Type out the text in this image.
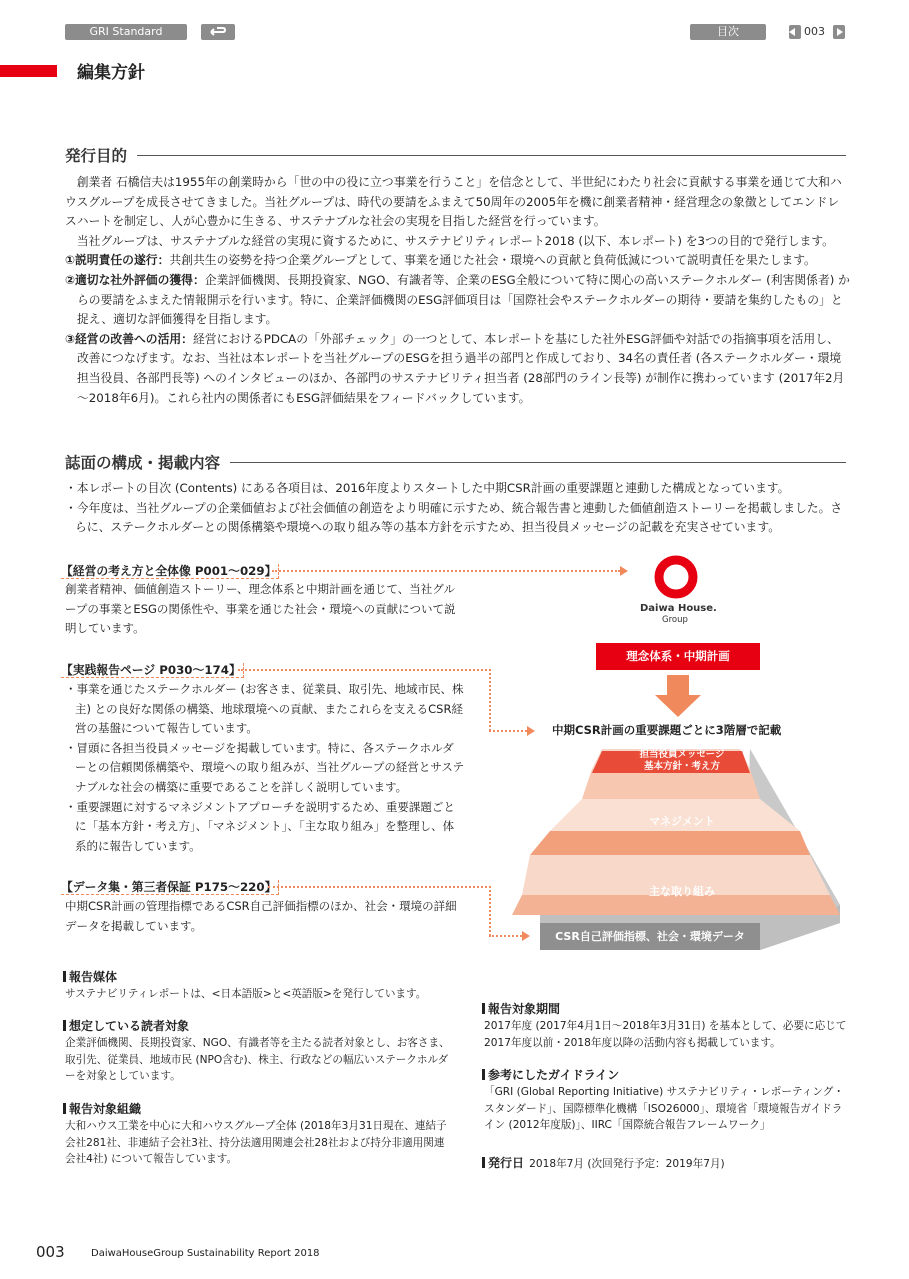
GRI Standard	目次	003
編集方針
発行目的

　創業者 石橋信夫は1955年の創業時から「世の中の役に立つ事業を行うこと」を信念として、半世紀にわたり社会に貢献する事業を通じて大和ハウスグループを成長させてきました。当社グループは、時代の要請をふまえて50周年の2005年を機に創業者精神・経営理念の象徴としてエンドレスハートを制定し、人が心豊かに生きる、サステナブルな社会の実現を目指した経営を行っています。

　当社グループは、サステナブルな経営の実現に資するために、サステナビリティレポート2018 (以下、本レポート) を3つの目的で発行します。

①説明責任の遂行：共創共生の姿勢を持つ企業グループとして、事業を通じた社会・環境への貢献と負荷低減について説明責任を果たします。

②適切な社外評価の獲得：企業評価機関、長期投資家、NGO、有識者等、企業のESG全般について特に関心の高いステークホルダー (利害関係者) からの要請をふまえた情報開示を行います。特に、企業評価機関のESG評価項目は「国際社会やステークホルダーの期待・要請を集約したもの」と捉え、適切な評価獲得を目指します。

③経営の改善への活用：経営におけるPDCAの「外部チェック」の一つとして、本レポートを基にした社外ESG評価や対話での指摘事項を活用し、改善につなげます。なお、当社は本レポートを当社グループのESGを担う過半の部門と作成しており、34名の責任者 (各ステークホルダー・環境担当役員、各部門長等) へのインタビューのほか、各部門のサステナビリティ担当者 (28部門のライン長等) が制作に携わっています (2017年2月～2018年6月)。これら社内の関係者にもESG評価結果をフィードバックしています。

誌面の構成・掲載内容

・本レポートの目次 (Contents) にある各項目は、2016年度よりスタートした中期CSR計画の重要課題と連動した構成となっています。

・今年度は、当社グループの企業価値および社会価値の創造をより明確に示すため、統合報告書と連動した価値創造ストーリーを掲載しました。さらに、ステークホルダーとの関係構築や環境への取り組み等の基本方針を示すため、担当役員メッセージの記載を充実させています。

【経営の考え方と全体像 P001～029】

創業者精神、価値創造ストーリー、理念体系と中期計画を通じて、当社グループの事業とESGの関係性や、事業を通じた社会・環境への貢献について説明しています。

【実践報告ページ P030～174】

・事業を通じたステークホルダー (お客さま、従業員、取引先、地域市民、株主) との良好な関係の構築、地球環境への貢献、またこれらを支えるCSR経営の基盤について報告しています。

・冒頭に各担当役員メッセージを掲載しています。特に、各ステークホルダーとの信頼関係構築や、環境への取り組みが、当社グループの経営とサステナブルな社会の構築に重要であることを詳しく説明しています。

・重要課題に対するマネジメントアプローチを説明するため、重要課題ごとに「基本方針・考え方」、「マネジメント」、「主な取り組み」を整理し、体系的に報告しています。

【データ集・第三者保証 P175～220】

中期CSR計画の管理指標であるCSR自己評価指標のほか、社会・環境の詳細データを掲載しています。

Daiwa House.
Group
理念体系・中期計画
中期CSR計画の重要課題ごとに3階層で記載
担当役員メッセージ
基本方針・考え方
マネジメント
主な取り組み
CSR自己評価指標、社会・環境データ
報告媒体
サステナビリティレポートは、<日本語版>と<英語版>を発行しています。
想定している読者対象
企業評価機関、長期投資家、NGO、有識者等を主たる読者対象とし、お客さま、取引先、従業員、地域市民 (NPO含む)、株主、行政などの幅広いステークホルダーを対象としています。
報告対象組織
大和ハウス工業を中心に大和ハウスグループ全体 (2018年3月31日現在、連結子会社281社、非連結子会社3社、持分法適用関連会社28社および持分非適用関連会社4社) について報告しています。
報告対象期間
2017年度 (2017年4月1日～2018年3月31日) を基本として、必要に応じて2017年度以前・2018年度以降の活動内容も掲載しています。
参考にしたガイドライン
「GRI (Global Reporting Initiative) サステナビリティ・レポーティング・スタンダード」、国際標準化機構「ISO26000」、環境省「環境報告ガイドライン (2012年度版)」、IIRC「国際統合報告フレームワーク」
発行日 2018年7月 (次回発行予定：2019年7月)
003	DaiwaHouseGroup Sustainability Report 2018
